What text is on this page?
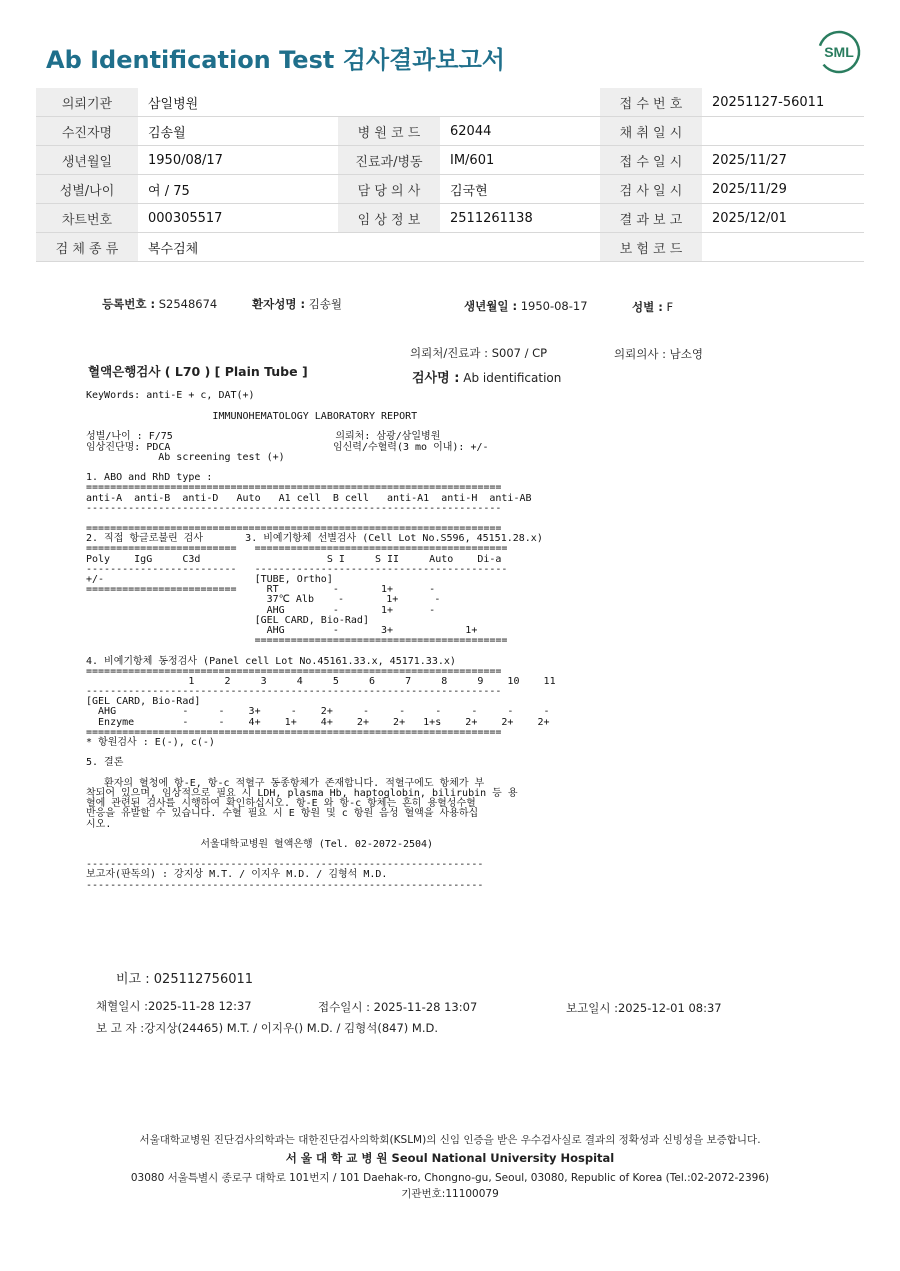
Ab Identification Test 검사결과보고서	SML
의뢰기관	삼일병원			접 수 번 호	20251127-56011
수진자명	김송월	병 원 코 드	62044	채 취 일 시	
생년월일	1950/08/17	진료과/병동	IM/601	접 수 일 시	2025/11/27
성별/나이	여 / 75	담 당 의 사	김국현	검 사 일 시	2025/11/29
차트번호	000305517	임 상 정 보	2511261138	결 과 보 고	2025/12/01
검 체 종 류	복수검체			보 험 코 드	
등록번호 : S2548674	환자성명 : 김송월	생년월일 : 1950-08-17	성별 : F
의뢰처/진료과 : S007 / CP	의뢰의사 : 남소영
혈액은행검사 ( L70 ) [ Plain Tube ]	검사명 : Ab identification
KeyWords: anti-E + c, DAT(+)
IMMUNOHEMATOLOGY LABORATORY REPORT
성별/나이 : F/75                           의뢰처: 삼광/삼일병원
임상진단명: PDCA                           임신력/수혈력(3 mo 이내): +/-
Ab screening test (+)
1. ABO and RhD type :
=====================================================================
anti-A  anti-B  anti-D   Auto   A1 cell  B cell   anti-A1  anti-H  anti-AB
---------------------------------------------------------------------
=====================================================================
2. 직접 항글로불린 검사       3. 비예기항체 선별검사 (Cell Lot No.S596, 45151.28.x)
=========================   ==========================================
Poly    IgG     C3d                     S I     S II     Auto    Di-a
-------------------------   ------------------------------------------
+/-                         [TUBE, Ortho]
=========================     RT         -       1+      -
37℃ Alb    -       1+      -
AHG        -       1+      -
[GEL CARD, Bio-Rad]
AHG        -       3+            1+
==========================================
4. 비예기항체 동정검사 (Panel cell Lot No.45161.33.x, 45171.33.x)
=====================================================================
1     2     3     4     5     6     7     8     9    10    11
---------------------------------------------------------------------
[GEL CARD, Bio-Rad]
AHG           -     -    3+     -    2+     -     -     -     -     -     -
Enzyme        -     -    4+    1+    4+    2+    2+   1+s    2+    2+    2+
=====================================================================
* 항원검사 : E(-), c(-)
5. 결론
환자의 혈청에 항-E, 항-c 적혈구 동종항체가 존재합니다. 적혈구에도 항체가 부
착되어 있으며, 임상적으로 필요 시 LDH, plasma Hb, haptoglobin, bilirubin 등 용
혈에 관련된 검사를 시행하여 확인하십시오. 항-E 와 항-c 항체는 흔히 용혈성수혈
반응을 유발할 수 있습니다. 수혈 필요 시 E 항원 및 c 항원 음성 혈액을 사용하십
시오.
서울대학교병원 혈액은행 (Tel. 02-2072-2504)
------------------------------------------------------------------
보고자(판독의) : 강지상 M.T. / 이지우 M.D. / 김형석 M.D.
------------------------------------------------------------------
비고 : 025112756011
채혈일시 :2025-11-28 12:37	접수일시 : 2025-11-28 13:07	보고일시 :2025-12-01 08:37
보 고 자 :강지상(24465) M.T. / 이지우() M.D. / 김형석(847) M.D.
서울대학교병원 진단검사의학과는 대한진단검사의학회(KSLM)의 신임 인증을 받은 우수검사실로 결과의 정확성과 신빙성을 보증합니다.
서 울 대 학 교 병 원 Seoul National University Hospital
03080 서울특별시 종로구 대학로 101번지 / 101 Daehak-ro, Chongno-gu, Seoul, 03080, Republic of Korea (Tel.:02-2072-2396)
기관번호:11100079
